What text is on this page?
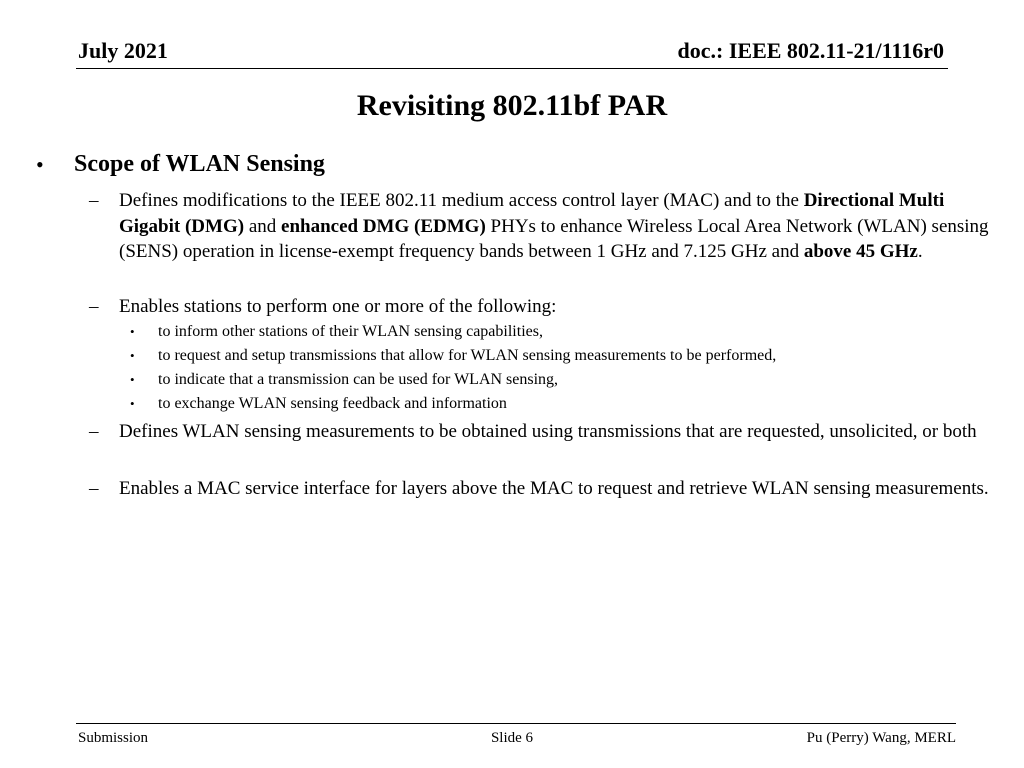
July 2021	doc.: IEEE 802.11-21/1116r0
Revisiting 802.11bf PAR
• Scope of WLAN Sensing
– Defines modifications to the IEEE 802.11 medium access control layer (MAC) and to the Directional Multi Gigabit (DMG) and enhanced DMG (EDMG) PHYs to enhance Wireless Local Area Network (WLAN) sensing (SENS) operation in license-exempt frequency bands between 1 GHz and 7.125 GHz and above 45 GHz.
– Enables stations to perform one or more of the following:
• to inform other stations of their WLAN sensing capabilities,
• to request and setup transmissions that allow for WLAN sensing measurements to be performed,
• to indicate that a transmission can be used for WLAN sensing,
• to exchange WLAN sensing feedback and information
– Defines WLAN sensing measurements to be obtained using transmissions that are requested, unsolicited, or both
– Enables a MAC service interface for layers above the MAC to request and retrieve WLAN sensing measurements.
Submission	Slide 6	Pu (Perry) Wang, MERL
